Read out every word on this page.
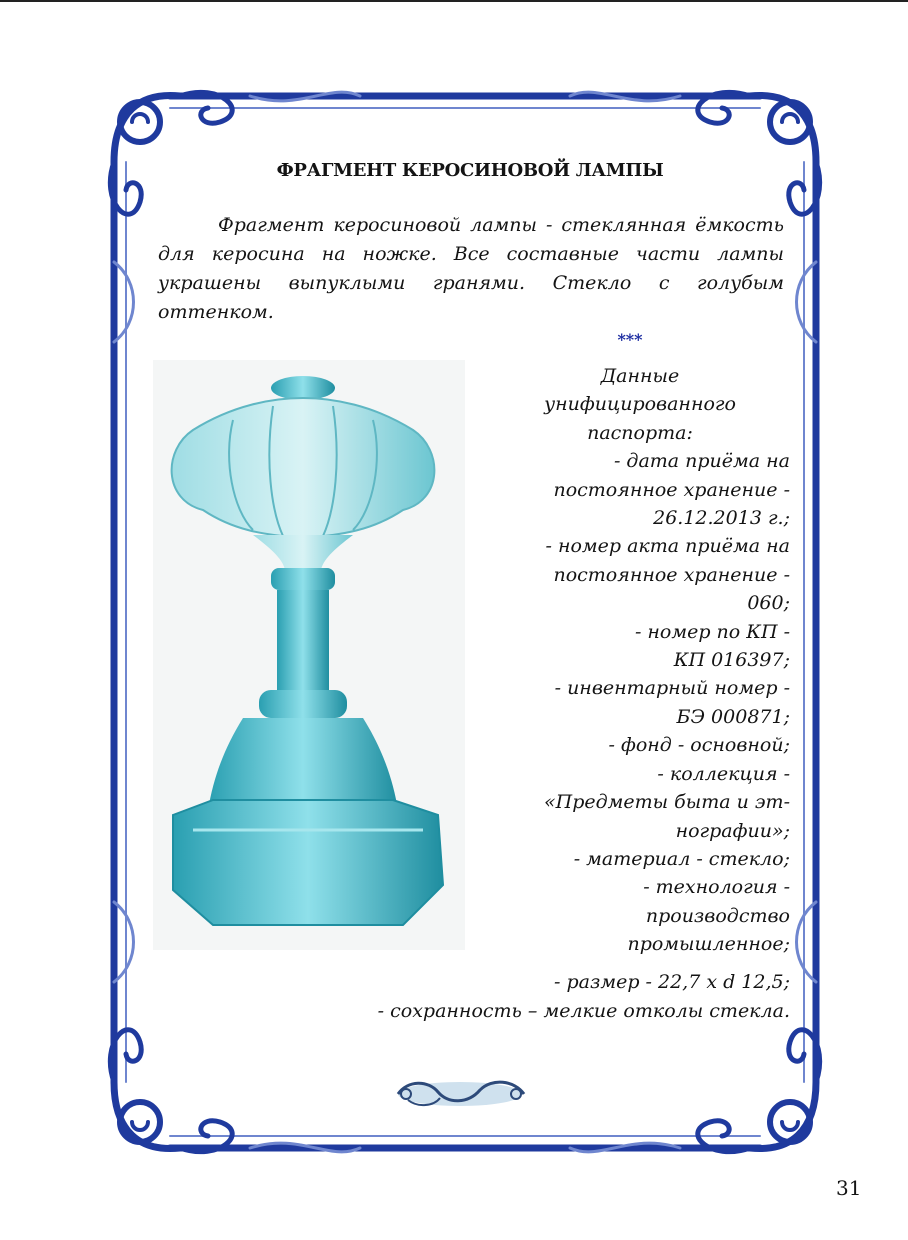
ФРАГМЕНТ КЕРОСИНОВОЙ ЛАМПЫ
Фрагмент керосиновой лампы - стеклянная ёмкость для керосина на ножке. Все составные части лампы украшены выпуклыми гранями. Стекло с голубым оттенком.
***
Данные
унифицированного
паспорта:
- дата приёма на
постоянное хранение -
26.12.2013 г.;
- номер акта приёма на
постоянное хранение -
060;
- номер по КП -
КП 016397;
- инвентарный номер -
БЭ 000871;
- фонд - основной;
- коллекция -
«Предметы быта и эт-
нографии»;
- материал - стекло;
- технология -
производство
промышленное;
- размер - 22,7 х d 12,5;
- сохранность – мелкие отколы стекла.
31
